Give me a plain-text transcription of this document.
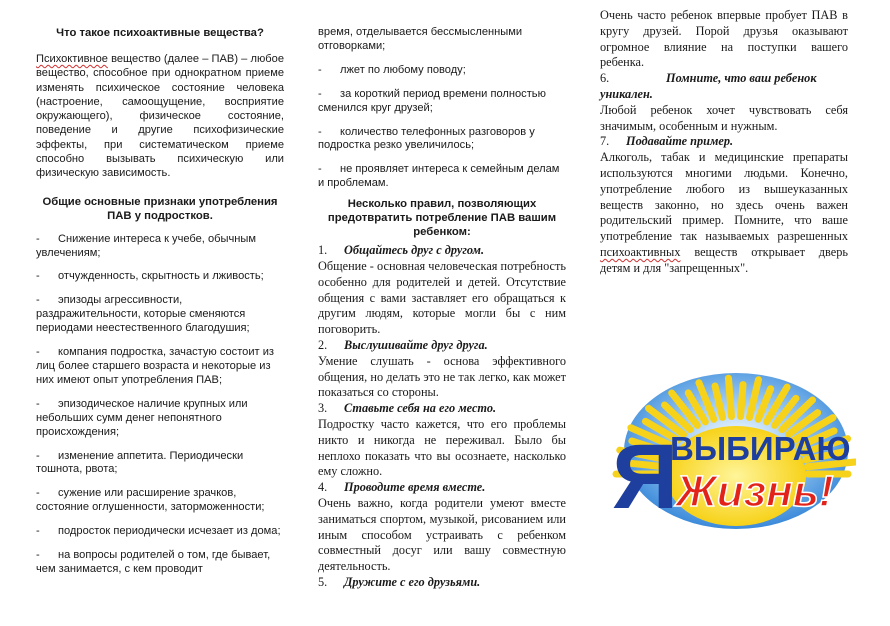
Что такое психоактивные вещества?

Психоктивное вещество (далее – ПАВ) – любое вещество, способное при однократном приеме изменять психическое состояние человека (настроение, самоощущение, восприятие окружающего), физическое состояние, поведение и другие психофизические эффекты, при систематическом приеме способно вызывать психическую или физическую зависимость.

Общие основные признаки употребления ПАВ у подростков.
- Снижение интереса к учебе, обычным увлечениям;
- отчужденность, скрытность и лживость;
- эпизоды агрессивности, раздражительности, которые сменяются периодами неестественного благодушия;
- компания подростка, зачастую состоит из лиц более старшего возраста и некоторые из них имеют опыт употребления ПАВ;
- эпизодическое наличие крупных или небольших сумм денег непонятного происхождения;
- изменение аппетита. Периодически тошнота, рвота;
- сужение или расширение зрачков, состояние оглушенности, заторможенности;
- подросток периодически исчезает из дома;
- на вопросы родителей о том, где бывает, чем занимается, с кем проводит
время, отделывается бессмысленными отговорками;
- лжет по любому поводу;
- за короткий период времени полностью сменился круг друзей;
- количество телефонных разговоров у подростка резко увеличилось;
- не проявляет интереса к семейным делам и проблемам.
Несколько правил, позволяющих предотвратить потребление ПАВ вашим ребенком:
1. Общайтесь друг с другом.

Общение - основная человеческая потребность особенно для родителей и детей. Отсутствие общения с вами заставляет его обращаться к другим людям, которые могли бы с ним поговорить.

2. Выслушивайте друг друга.

Умение слушать - основа эффективного общения, но делать это не так легко, как может показаться со стороны.

3. Ставьте себя на его место.

Подростку часто кажется, что его проблемы никто и никогда не переживал. Было бы неплохо показать что вы осознаете, насколько ему сложно.

4. Проводите время вместе.

Очень важно, когда родители умеют вместе заниматься спортом, музыкой, рисованием или иным способом устраивать с ребенком совместный досуг или вашу совместную деятельность.

5. Дружите с его друзьями.

Очень часто ребенок впервые пробует ПАВ в кругу друзей. Порой друзья оказывают огромное влияние на поступки вашего ребенка.

6.	Помните, что ваш ребенок уникален.

Любой ребенок хочет чувствовать себя значимым, особенным и нужным.

7. Подавайте пример.

Алкоголь, табак и медицинские препараты используются многими людьми. Конечно, употребление любого из вышеуказанных веществ законно, но здесь очень важен родительский пример. Помните, что ваше употребление так называемых разрешенных психоактивных веществ открывает дверь детям и для "запрещенных".

Я
ВЫБИРАЮ
Жизнь!
